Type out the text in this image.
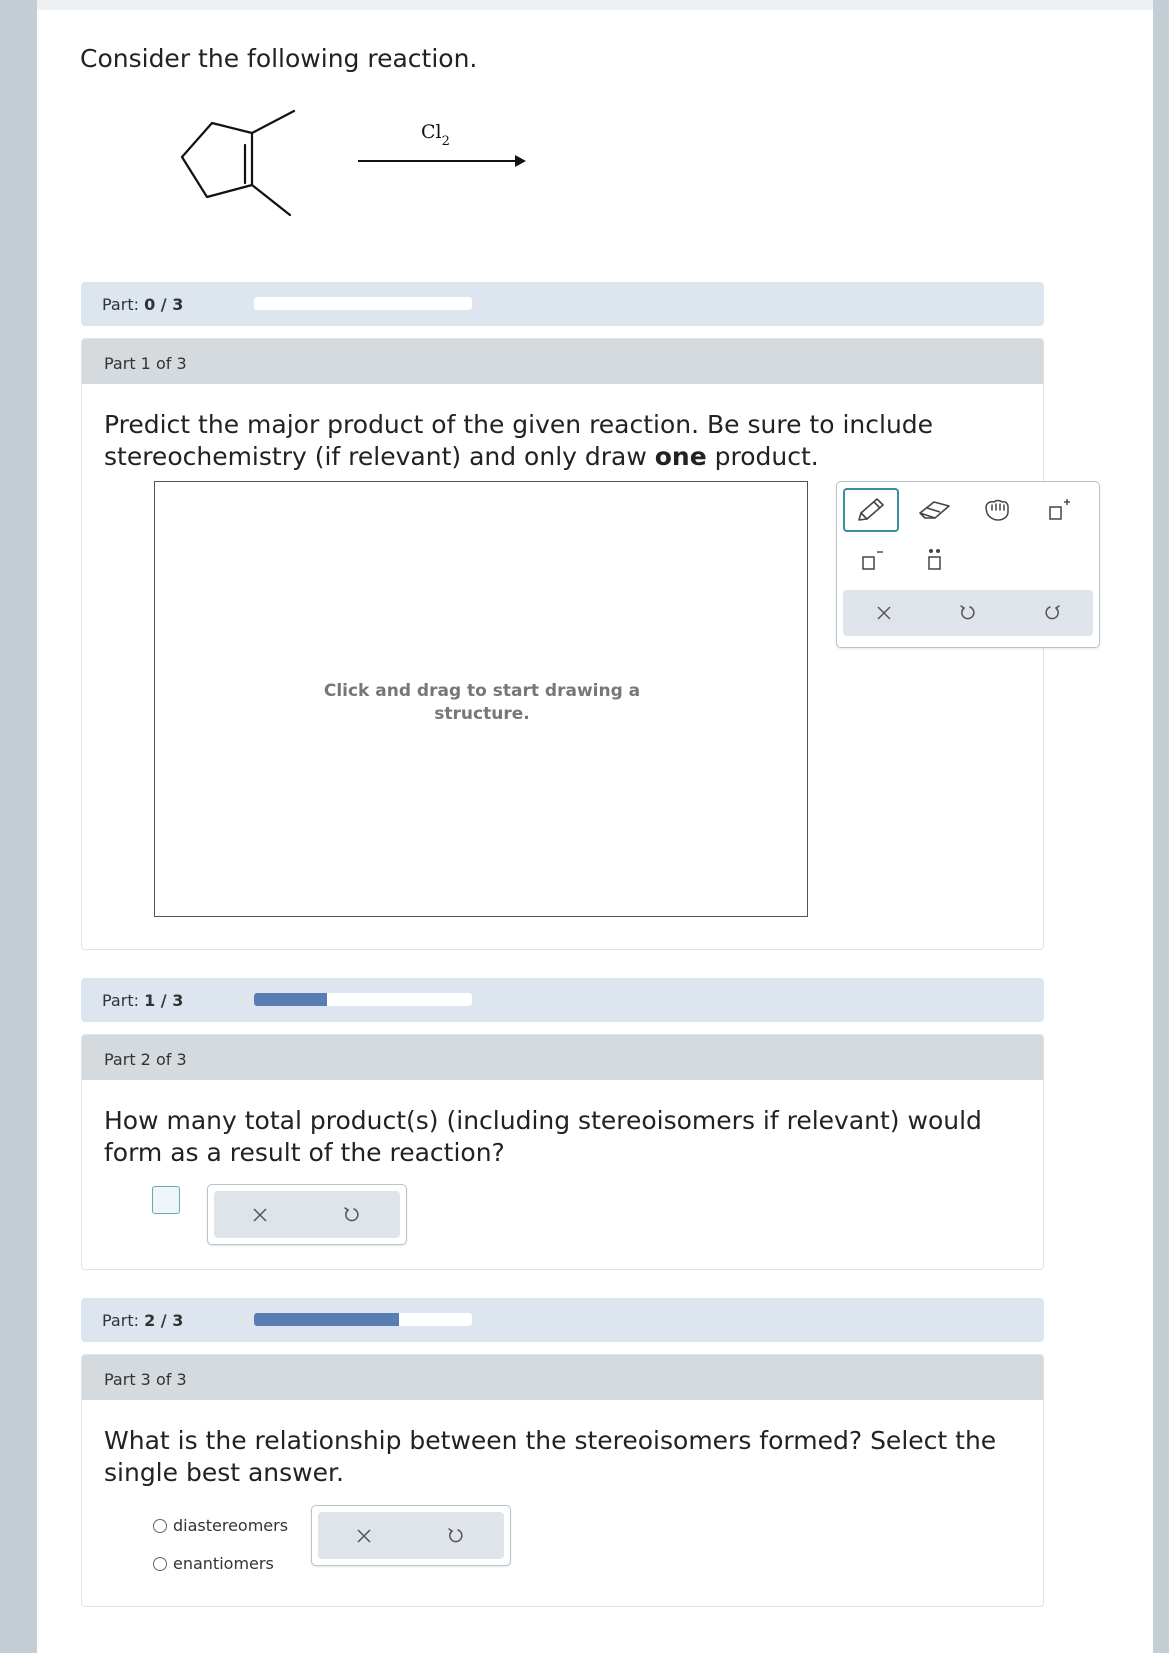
Consider the following reaction.
$Cl_2$
Part: 0 / 3
Part 1 of 3
Predict the major product of the given reaction. Be sure to include stereochemistry (if relevant) and only draw one product.
Click and drag to start drawing a structure.
Part: 1 / 3
Part 2 of 3
How many total product(s) (including stereoisomers if relevant) would form as a result of the reaction?
Part: 2 / 3
Part 3 of 3
What is the relationship between the stereoisomers formed? Select the single best answer.
diastereomers
enantiomers
